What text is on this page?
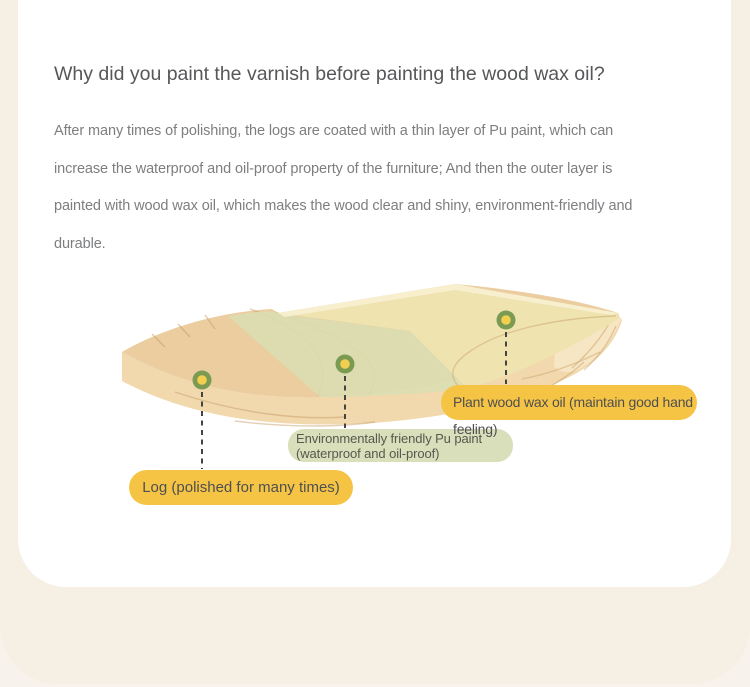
Why did you paint the varnish before painting the wood wax oil?
After many times of polishing, the logs are coated with a thin layer of Pu paint, which can
increase the waterproof and oil-proof property of the furniture; And then the outer layer is
painted with wood wax oil, which makes the wood clear and shiny, environment-friendly and
durable.
Plant wood wax oil (maintain good hand
feeling)
Environmentally friendly Pu paint
(waterproof and oil-proof)
Log (polished for many times)
